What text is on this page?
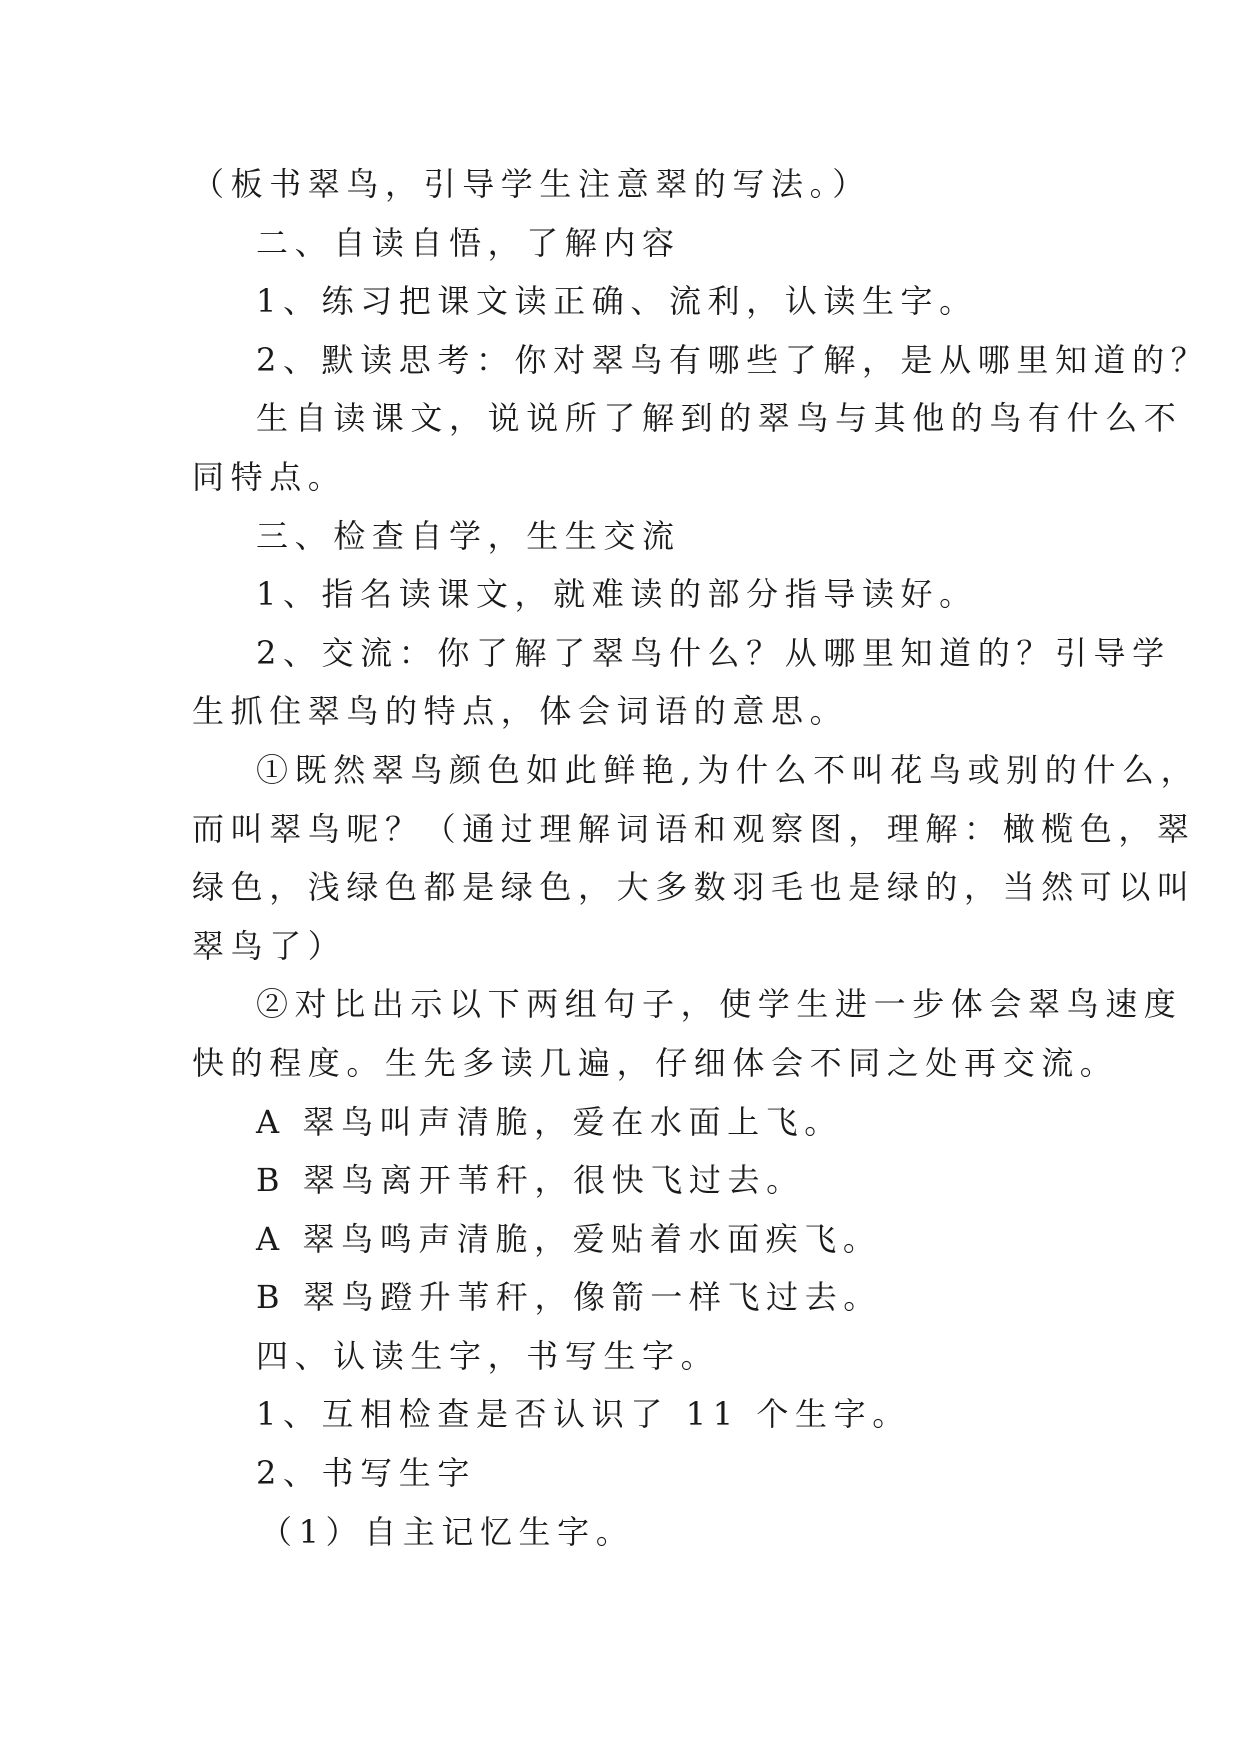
（板书翠鸟，引导学生注意翠的写法。）
二、自读自悟，了解内容
1、练习把课文读正确、流利，认读生字。
2、默读思考：你对翠鸟有哪些了解，是从哪里知道的？
生自读课文，说说所了解到的翠鸟与其他的鸟有什么不
同特点。
三、检查自学，生生交流
1、指名读课文，就难读的部分指导读好。
2、交流：你了解了翠鸟什么？从哪里知道的？引导学
生抓住翠鸟的特点，体会词语的意思。
①既然翠鸟颜色如此鲜艳,为什么不叫花鸟或别的什么，
而叫翠鸟呢？（通过理解词语和观察图，理解：橄榄色，翠
绿色，浅绿色都是绿色，大多数羽毛也是绿的，当然可以叫
翠鸟了）
②对比出示以下两组句子，使学生进一步体会翠鸟速度
快的程度。生先多读几遍，仔细体会不同之处再交流。
A 翠鸟叫声清脆，爱在水面上飞。
B 翠鸟离开苇秆，很快飞过去。
A 翠鸟鸣声清脆，爱贴着水面疾飞。
B 翠鸟蹬升苇秆，像箭一样飞过去。
四、认读生字，书写生字。
1、互相检查是否认识了 11 个生字。
2、书写生字
（1）自主记忆生字。
